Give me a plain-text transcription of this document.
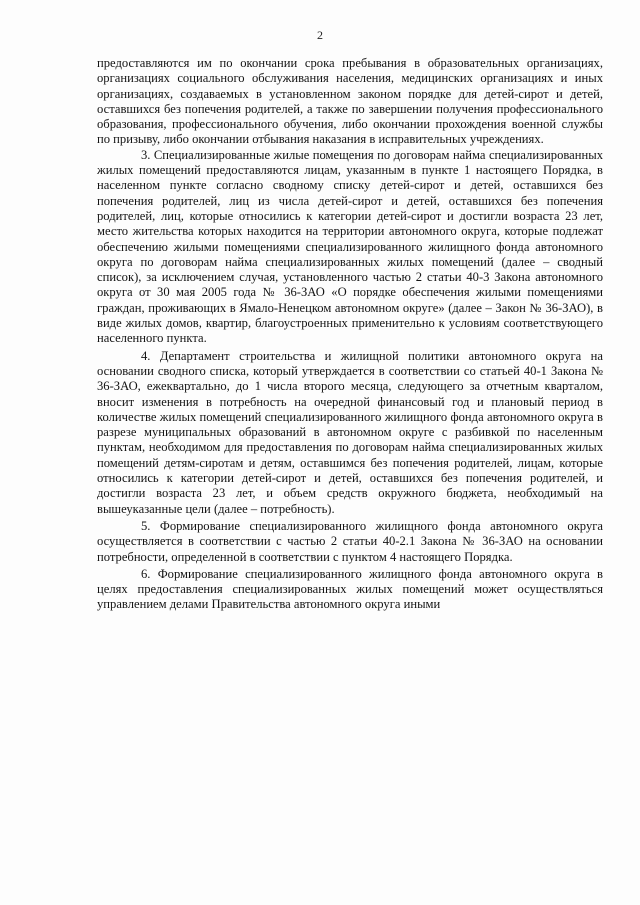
2

предоставляются им по окончании срока пребывания в образовательных организациях, организациях социального обслуживания населения, медицинских организациях и иных организациях, создаваемых в установленном законом порядке для детей-сирот и детей, оставшихся без попечения родителей, а также по завершении получения профессионального образования, профессионального обучения, либо окончании прохождения военной службы по призыву, либо окончании отбывания наказания в исправительных учреждениях.

3. Специализированные жилые помещения по договорам найма специализированных жилых помещений предоставляются лицам, указанным в пункте 1 настоящего Порядка, в населенном пункте согласно сводному списку детей-сирот и детей, оставшихся без попечения родителей, лиц из числа детей-сирот и детей, оставшихся без попечения родителей, лиц, которые относились к категории детей-сирот и достигли возраста 23 лет, место жительства которых находится на территории автономного округа, которые подлежат обеспечению жилыми помещениями специализированного жилищного фонда автономного округа по договорам найма специализированных жилых помещений (далее – сводный список), за исключением случая, установленного частью 2 статьи 40-3 Закона автономного округа от 30 мая 2005 года № 36-ЗАО «О порядке обеспечения жилыми помещениями граждан, проживающих в Ямало-Ненецком автономном округе» (далее – Закон № 36-ЗАО), в виде жилых домов, квартир, благоустроенных применительно к условиям соответствующего населенного пункта.

4. Департамент строительства и жилищной политики автономного округа на основании сводного списка, который утверждается в соответствии со статьей 40-1 Закона № 36-ЗАО, ежеквартально, до 1 числа второго месяца, следующего за отчетным кварталом, вносит изменения в потребность на очередной финансовый год и плановый период в количестве жилых помещений специализированного жилищного фонда автономного округа в разрезе муниципальных образований в автономном округе с разбивкой по населенным пунктам, необходимом для предоставления по договорам найма специализированных жилых помещений детям-сиротам и детям, оставшимся без попечения родителей, лицам, которые относились к категории детей-сирот и детей, оставшихся без попечения родителей, и достигли возраста 23 лет, и объем средств окружного бюджета, необходимый на вышеуказанные цели (далее – потребность).

5. Формирование специализированного жилищного фонда автономного округа осуществляется в соответствии с частью 2 статьи 40-2.1 Закона № 36-ЗАО на основании потребности, определенной в соответствии с пунктом 4 настоящего Порядка.

6. Формирование специализированного жилищного фонда автономного округа в целях предоставления специализированных жилых помещений может осуществляться управлением делами Правительства автономного округа иными
